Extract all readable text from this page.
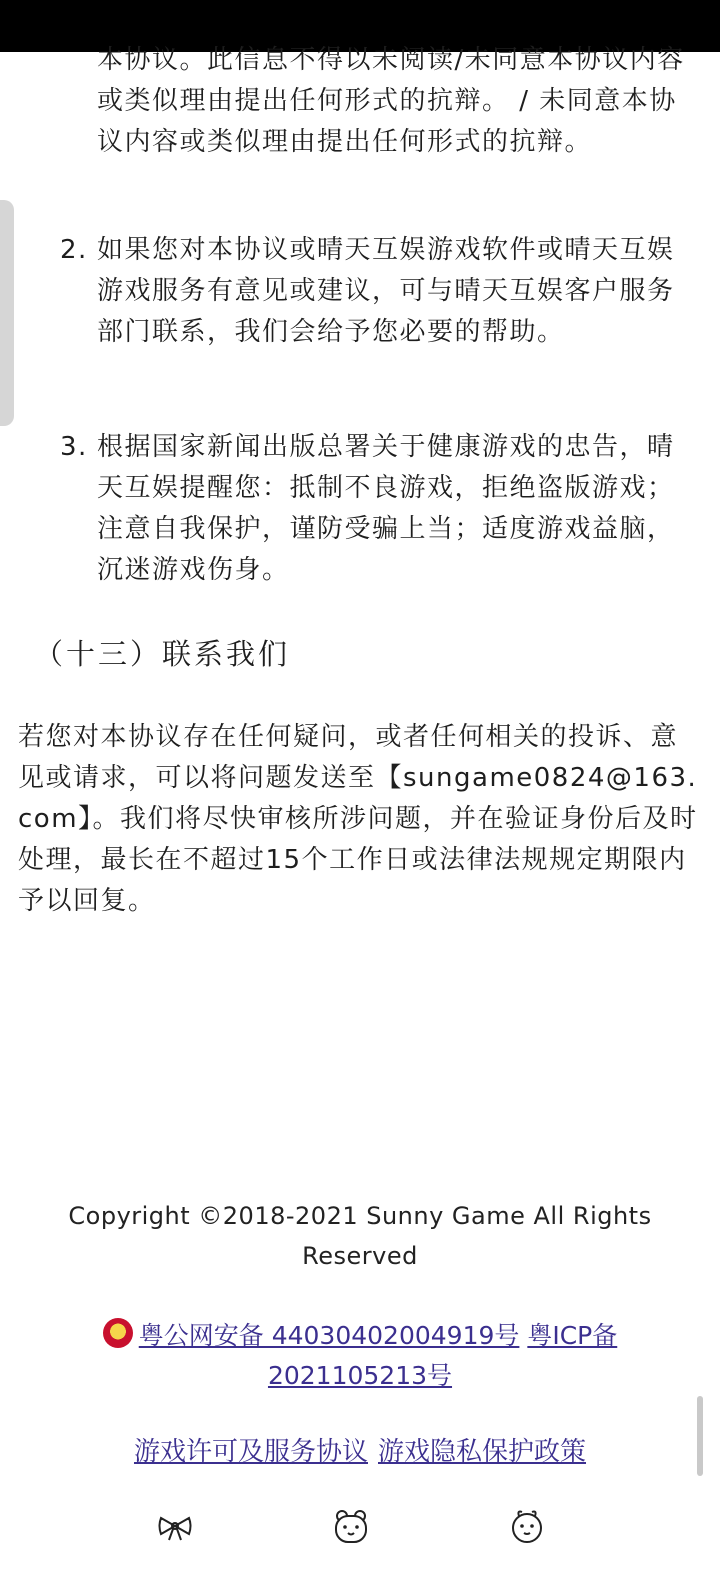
本协议。此信息不得以未阅读/未同意本协议内容或类似理由提出任何形式的抗辩。 / 未同意本协议内容或类似理由提出任何形式的抗辩。
2. 如果您对本协议或晴天互娱游戏软件或晴天互娱游戏服务有意见或建议，可与晴天互娱客户服务部门联系，我们会给予您必要的帮助。
3. 根据国家新闻出版总署关于健康游戏的忠告，晴天互娱提醒您：抵制不良游戏，拒绝盗版游戏；注意自我保护，谨防受骗上当；适度游戏益脑，沉迷游戏伤身。
（十三）联系我们
若您对本协议存在任何疑问，或者任何相关的投诉、意见或请求，可以将问题发送至【sungame0824@163.com】。我们将尽快审核所涉问题，并在验证身份后及时处理，最长在不超过15个工作日或法律法规规定期限内予以回复。
Copyright ©2018-2021 Sunny Game All Rights Reserved
粤公网安备 44030402004919号 粤ICP备2021105213号
游戏许可及服务协议 游戏隐私保护政策
